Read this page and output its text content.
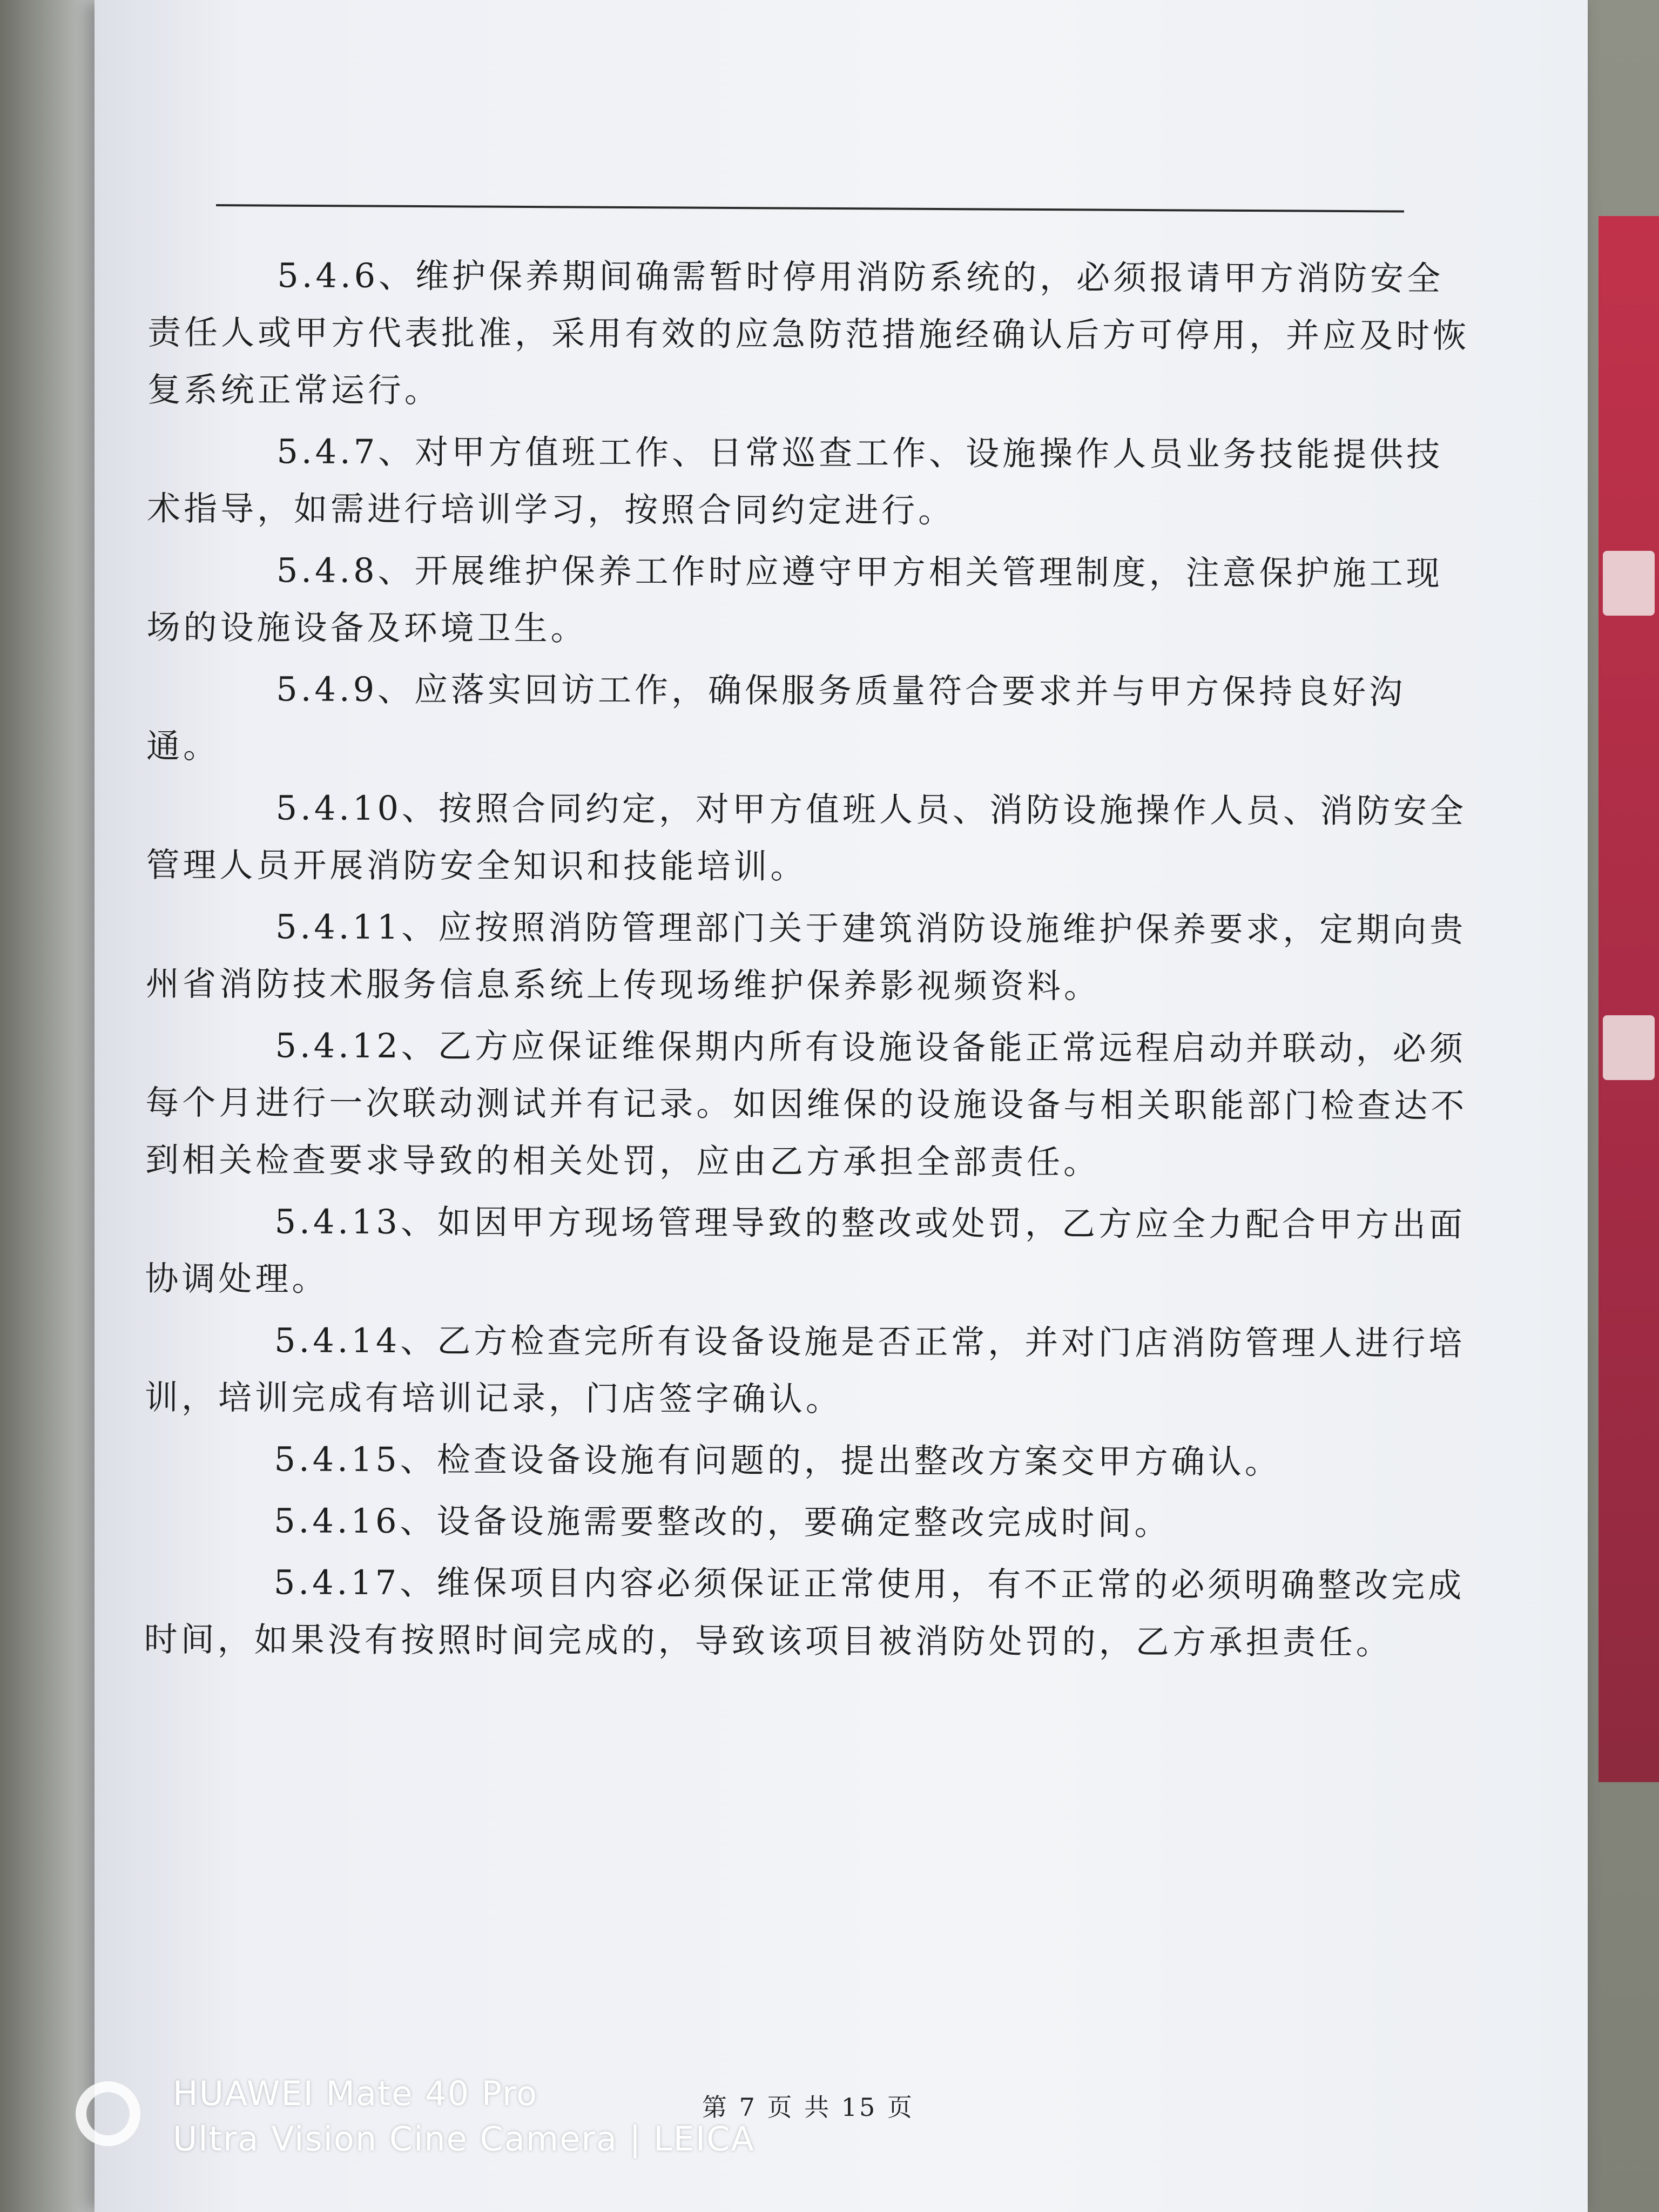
5.4.6、维护保养期间确需暂时停用消防系统的，必须报请甲方消防安全责任人或甲方代表批准，采用有效的应急防范措施经确认后方可停用，并应及时恢复系统正常运行。

5.4.7、对甲方值班工作、日常巡查工作、设施操作人员业务技能提供技术指导，如需进行培训学习，按照合同约定进行。

5.4.8、开展维护保养工作时应遵守甲方相关管理制度，注意保护施工现场的设施设备及环境卫生。

5.4.9、应落实回访工作，确保服务质量符合要求并与甲方保持良好沟通。

5.4.10、按照合同约定，对甲方值班人员、消防设施操作人员、消防安全管理人员开展消防安全知识和技能培训。

5.4.11、应按照消防管理部门关于建筑消防设施维护保养要求，定期向贵州省消防技术服务信息系统上传现场维护保养影视频资料。

5.4.12、乙方应保证维保期内所有设施设备能正常远程启动并联动，必须每个月进行一次联动测试并有记录。如因维保的设施设备与相关职能部门检查达不到相关检查要求导致的相关处罚，应由乙方承担全部责任。

5.4.13、如因甲方现场管理导致的整改或处罚，乙方应全力配合甲方出面协调处理。

5.4.14、乙方检查完所有设备设施是否正常，并对门店消防管理人进行培训，培训完成有培训记录，门店签字确认。

5.4.15、检查设备设施有问题的，提出整改方案交甲方确认。

5.4.16、设备设施需要整改的，要确定整改完成时间。

5.4.17、维保项目内容必须保证正常使用，有不正常的必须明确整改完成时间，如果没有按照时间完成的，导致该项目被消防处罚的，乙方承担责任。

第 7 页 共 15 页
HUAWEI Mate 40 Pro
Ultra Vision Cine Camera | LEICA
